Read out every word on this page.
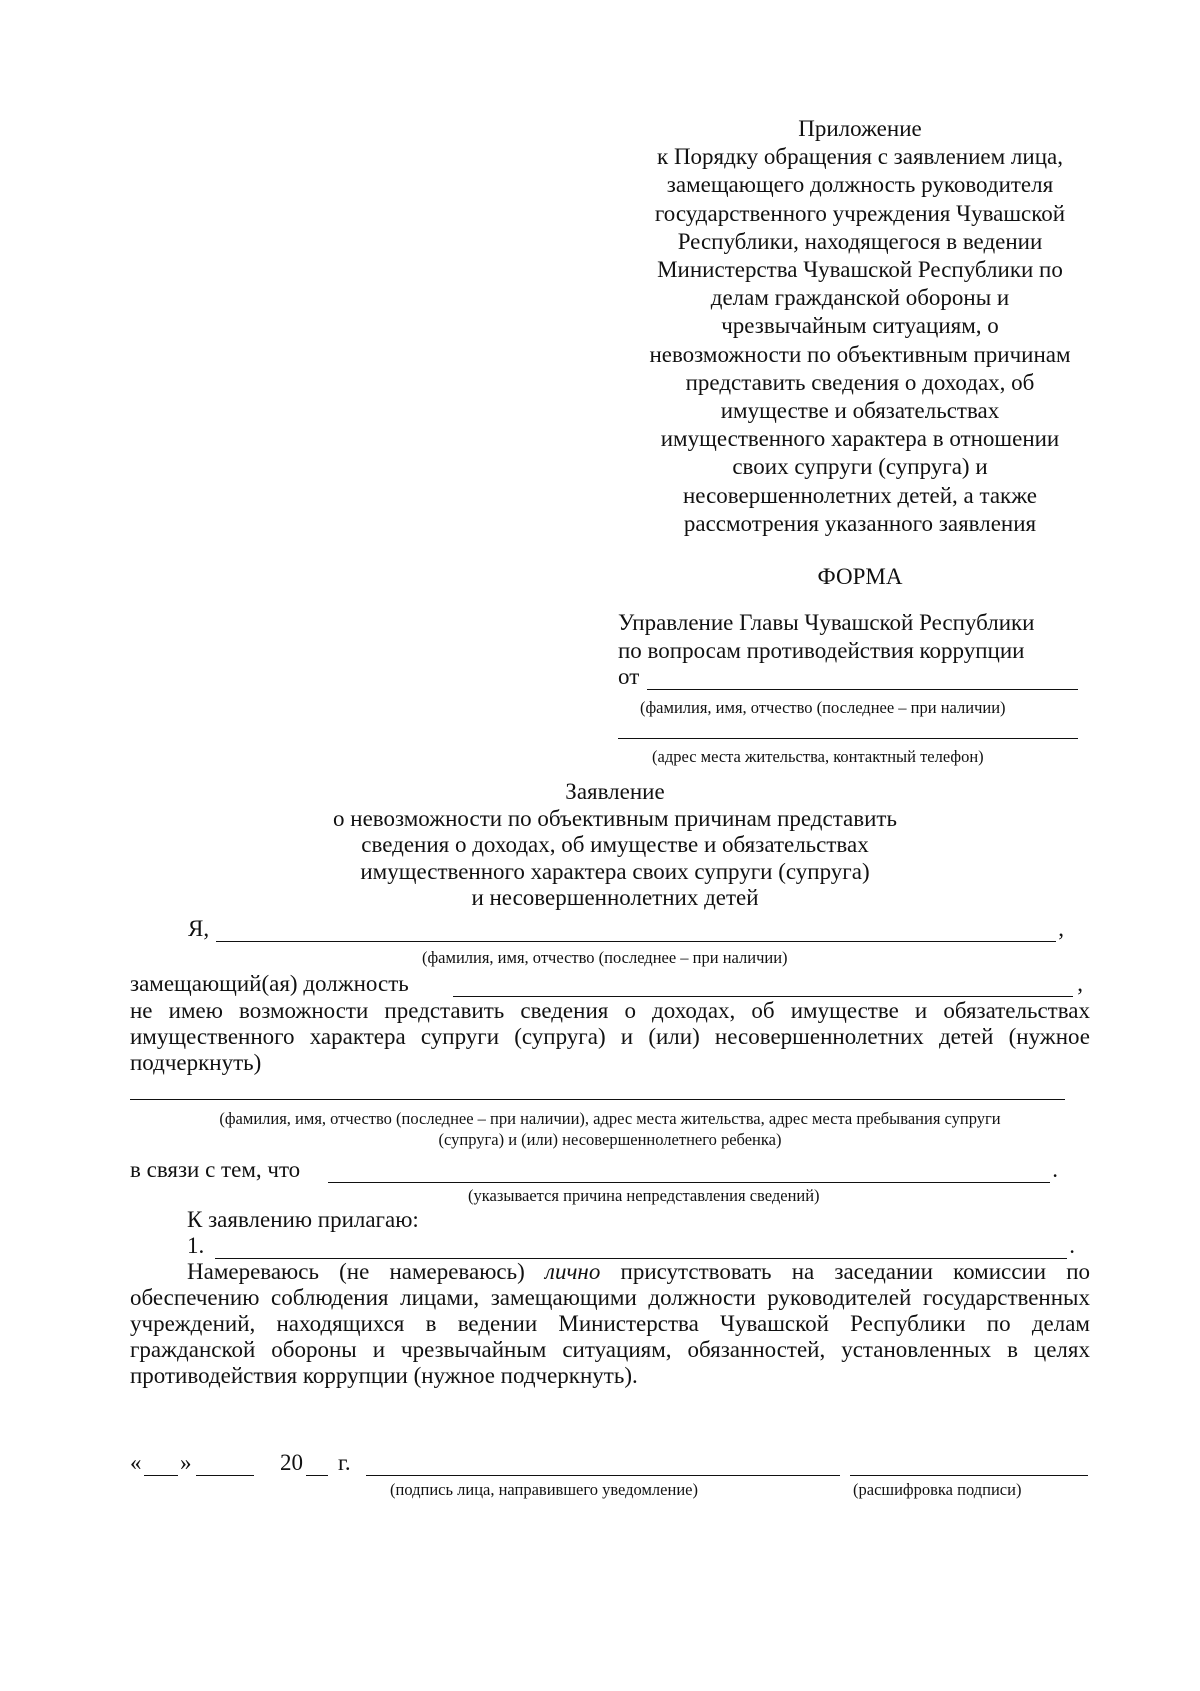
Приложение
к Порядку обращения с заявлением лица,
замещающего должность руководителя
государственного учреждения Чувашской
Республики, находящегося в ведении
Министерства Чувашской Республики по
делам гражданской обороны и
чрезвычайным ситуациям, о
невозможности по объективным причинам
представить сведения о доходах, об
имуществе и обязательствах
имущественного характера в отношении
своих супруги (супруга) и
несовершеннолетних детей, а также
рассмотрения указанного заявления
ФОРМА
Управление Главы Чувашской Республики
по вопросам противодействия коррупции
от
(фамилия, имя, отчество (последнее – при наличии)
(адрес места жительства, контактный телефон)
Заявление
о невозможности по объективным причинам представить
сведения о доходах, об имуществе и обязательствах
имущественного характера своих супруги (супруга)
и несовершеннолетних детей
Я,	,
(фамилия, имя, отчество (последнее – при наличии)
замещающий(ая) должность	,
не имею возможности представить сведения о доходах, об имуществе и обязательствах имущественного характера супруги (супруга) и (или) несовершеннолетних детей (нужное подчеркнуть)
(фамилия, имя, отчество (последнее – при наличии), адрес места жительства, адрес места пребывания супруги
(супруга) и (или) несовершеннолетнего ребенка)
в связи с тем, что	.
(указывается причина непредставления сведений)
К заявлению прилагаю:
1.	.
Намереваюсь (не намереваюсь) лично присутствовать на заседании комиссии по обеспечению соблюдения лицами, замещающими должности руководителей государственных учреждений, находящихся в ведении Министерства Чувашской Республики по делам гражданской обороны и чрезвычайным ситуациям, обязанностей, установленных в целях противодействия коррупции (нужное подчеркнуть).
« »	20 г.
(подпись лица, направившего уведомление)	(расшифровка подписи)
